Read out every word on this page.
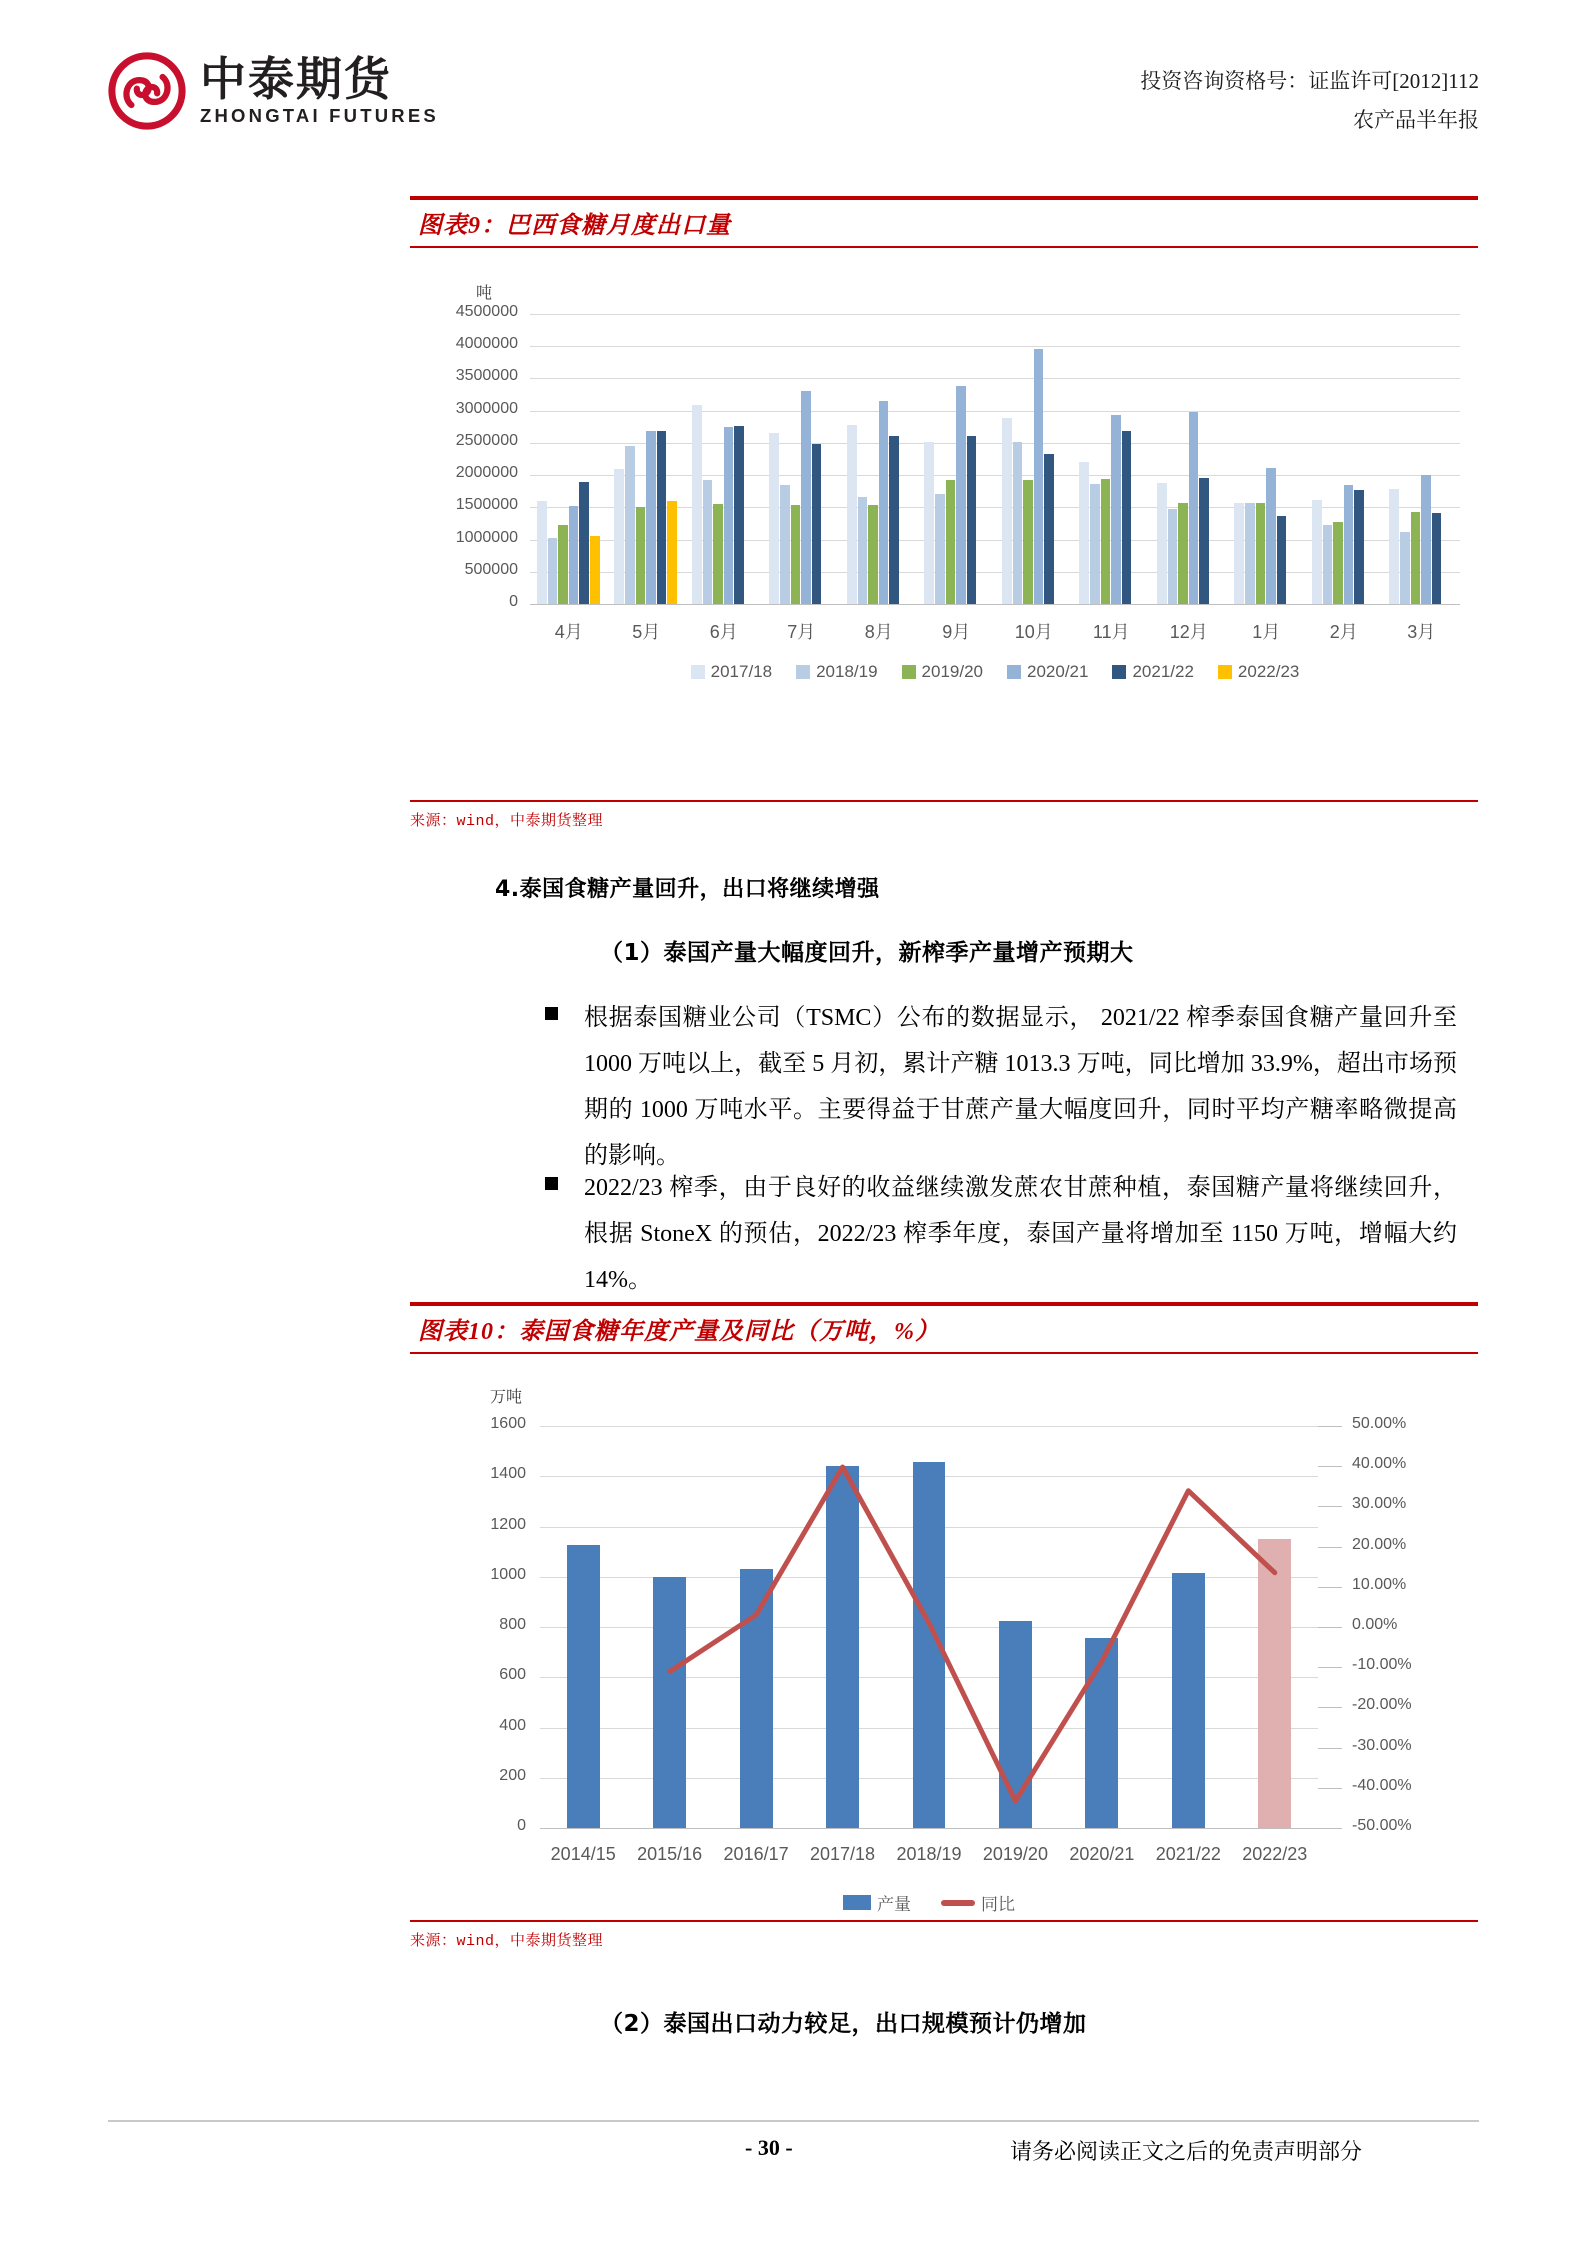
中泰期货
ZHONGTAI FUTURES
投资咨询资格号：证监许可[2012]112
农产品半年报
图表9：巴西食糖月度出口量
吨
0
500000
1000000
1500000
2000000
2500000
3000000
3500000
4000000
4500000
4月	5月	6月	7月	8月	9月	10月	11月	12月	1月	2月	3月
2017/18	2018/19	2019/20	2020/21	2021/22	2022/23
来源：wind，中泰期货整理
4.泰国食糖产量回升，出口将继续增强
（1）泰国产量大幅度回升，新榨季产量增产预期大
根据泰国糖业公司（TSMC）公布的数据显示， 2021/22 榨季泰国食糖产量回升至 1000 万吨以上，截至 5 月初，累计产糖 1013.3 万吨，同比增加 33.9%，超出市场预期的 1000 万吨水平。主要得益于甘蔗产量大幅度回升，同时平均产糖率略微提高的影响。
2022/23 榨季，由于良好的收益继续激发蔗农甘蔗种植，泰国糖产量将继续回升，根据 StoneX 的预估，2022/23 榨季年度，泰国产量将增加至 1150 万吨，增幅大约 14%。
图表10：泰国食糖年度产量及同比（万吨，%）
万吨
0
200
400
600
800
1000
1200
1400
1600
-50.00%
-40.00%
-30.00%
-20.00%
-10.00%
0.00%
10.00%
20.00%
30.00%
40.00%
50.00%
2014/15	2015/16	2016/17	2017/18	2018/19	2019/20	2020/21	2021/22	2022/23
产量	同比
来源：wind，中泰期货整理
（2）泰国出口动力较足，出口规模预计仍增加
- 30 -	请务必阅读正文之后的免责声明部分
